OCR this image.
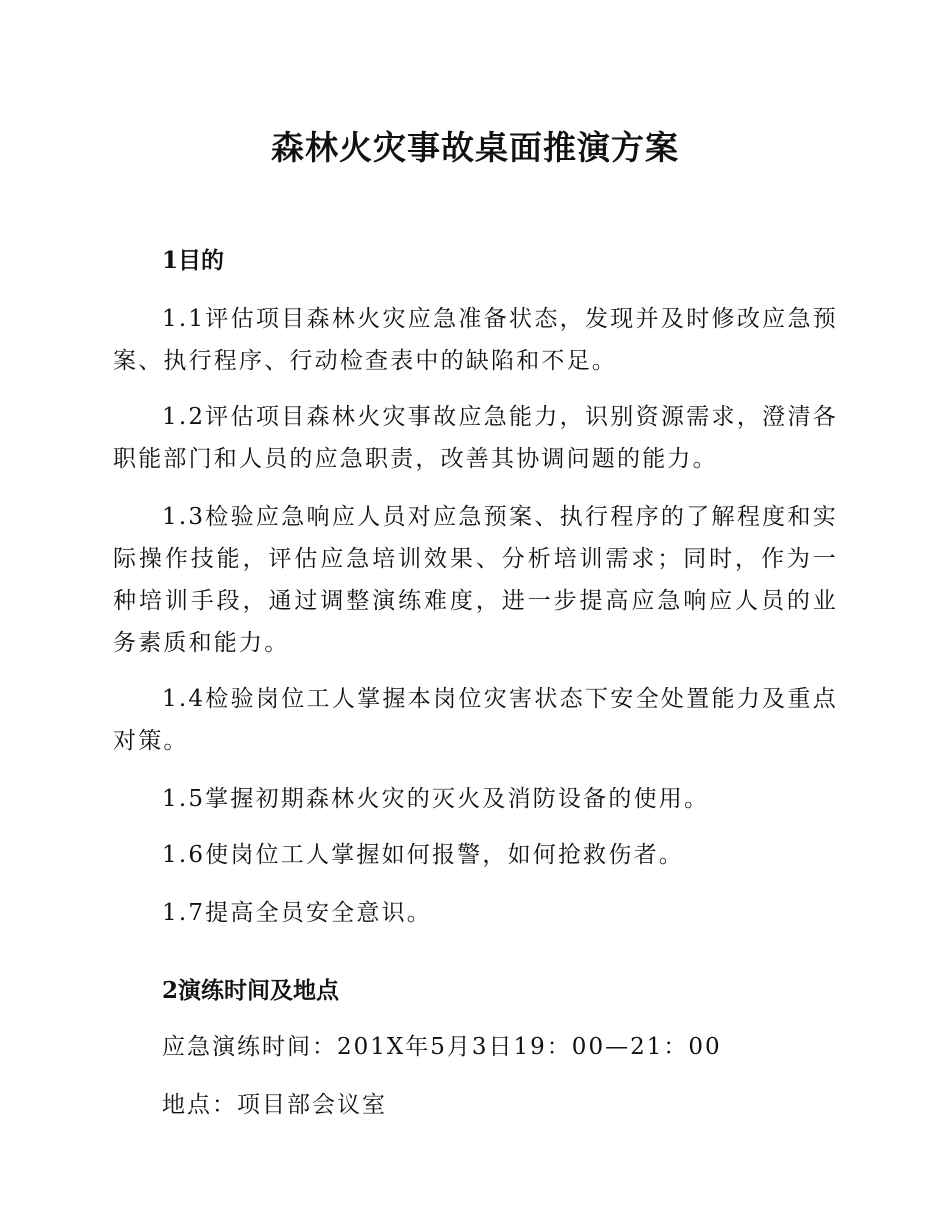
森林火灾事故桌面推演方案
1目的

1.1评估项目森林火灾应急准备状态，发现并及时修改应急预案、执行程序、行动检查表中的缺陷和不足。

1.2评估项目森林火灾事故应急能力，识别资源需求，澄清各职能部门和人员的应急职责，改善其协调问题的能力。

1.3检验应急响应人员对应急预案、执行程序的了解程度和实际操作技能，评估应急培训效果、分析培训需求；同时，作为一种培训手段，通过调整演练难度，进一步提高应急响应人员的业务素质和能力。

1.4检验岗位工人掌握本岗位灾害状态下安全处置能力及重点对策。

1.5掌握初期森林火灾的灭火及消防设备的使用。

1.6使岗位工人掌握如何报警，如何抢救伤者。

1.7提高全员安全意识。

2演练时间及地点
应急演练时间：201X年5月3日19：00—21：00
地点：项目部会议室
